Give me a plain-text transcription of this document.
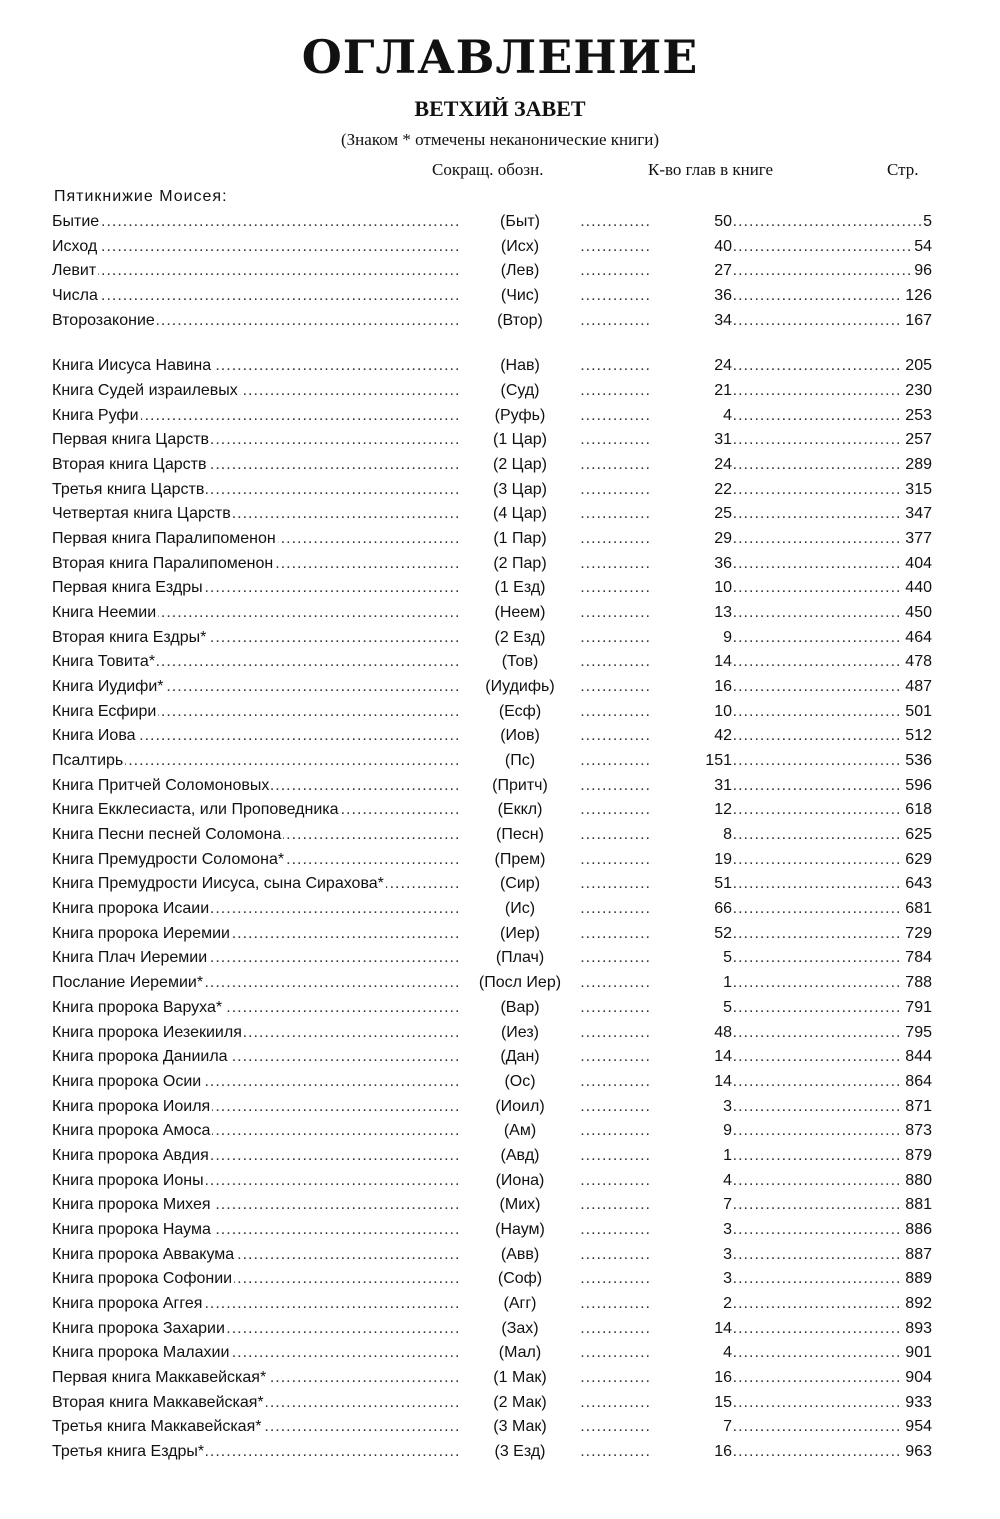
ОГЛАВЛЕНИЕ
ВЕТХИЙ ЗАВЕТ
(Знаком * отмечены неканонические книги)
Сокращ. обозн.	К-во глав в книге	Стр.
Пятикнижие Моисея:
Бытие	(Быт)	50	5
Исход	(Исх)	40	54
Левит	(Лев)	27	96
Числа	(Чис)	36	126
Второзаконие	(Втор)	34	167
Книга Иисуса Навина	(Нав)	24	205
Книга Судей израилевых	(Суд)	21	230
Книга Руфи	(Руфь)	4	253
Первая книга Царств	(1 Цар)	31	257
Вторая книга Царств	(2 Цар)	24	289
Третья книга Царств	(3 Цар)	22	315
Четвертая книга Царств	(4 Цар)	25	347
Первая книга Паралипоменон	(1 Пар)	29	377
Вторая книга Паралипоменон	(2 Пар)	36	404
Первая книга Ездры	(1 Езд)	10	440
Книга Неемии	(Неем)	13	450
Вторая книга Ездры*	(2 Езд)	9	464
Книга Товита*	(Тов)	14	478
Книга Иудифи*	(Иудифь)	16	487
Книга Есфири	(Есф)	10	501
Книга Иова	(Иов)	42	512
Псалтирь	(Пс)	151	536
Книга Притчей Соломоновых	(Притч)	31	596
Книга Екклесиаста, или Проповедника	(Еккл)	12	618
Книга Песни песней Соломона	(Песн)	8	625
Книга Премудрости Соломона*	(Прем)	19	629
Книга Премудрости Иисуса, сына Сирахова*	(Сир)	51	643
Книга пророка Исаии	(Ис)	66	681
Книга пророка Иеремии	(Иер)	52	729
Книга Плач Иеремии	(Плач)	5	784
Послание Иеремии*	(Посл Иер)	1	788
Книга пророка Варуха*	(Вар)	5	791
Книга пророка Иезекииля	(Иез)	48	795
Книга пророка Даниила	(Дан)	14	844
Книга пророка Осии	(Ос)	14	864
Книга пророка Иоиля	(Иоил)	3	871
Книга пророка Амоса	(Ам)	9	873
Книга пророка Авдия	(Авд)	1	879
Книга пророка Ионы	(Иона)	4	880
Книга пророка Михея	(Мих)	7	881
Книга пророка Наума	(Наум)	3	886
Книга пророка Аввакума	(Авв)	3	887
Книга пророка Софонии	(Соф)	3	889
Книга пророка Аггея	(Агг)	2	892
Книга пророка Захарии	(Зах)	14	893
Книга пророка Малахии	(Мал)	4	901
Первая книга Маккавейская*	(1 Мак)	16	904
Вторая книга Маккавейская*	(2 Мак)	15	933
Третья книга Маккавейская*	(3 Мак)	7	954
Третья книга Ездры*	(3 Езд)	16	963
